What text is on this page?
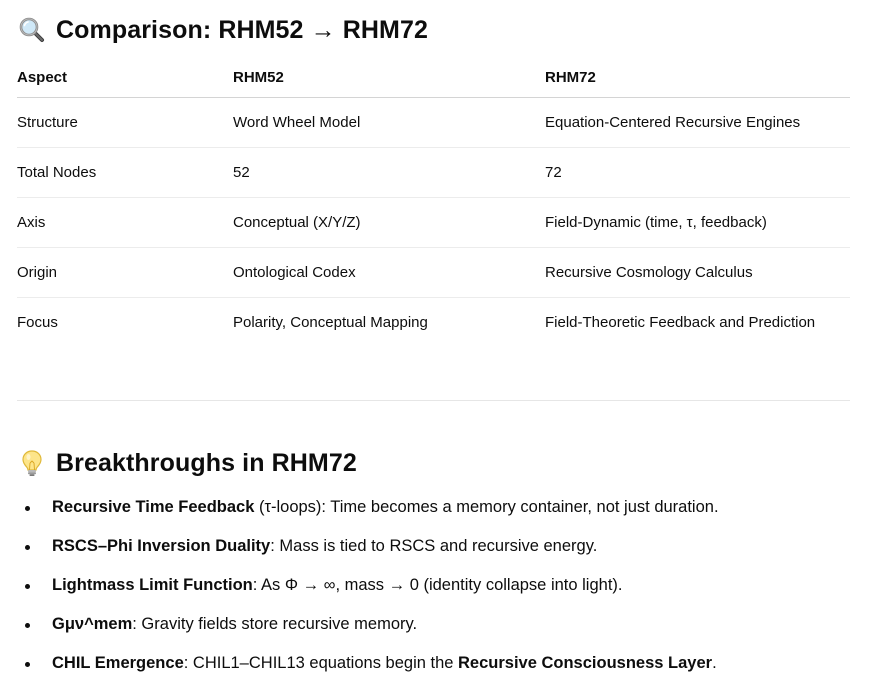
Comparison: RHM52 → RHM72
Aspect	RHM52	RHM72
Structure	Word Wheel Model	Equation-Centered Recursive Engines
Total Nodes	52	72
Axis	Conceptual (X/Y/Z)	Field-Dynamic (time, τ, feedback)
Origin	Ontological Codex	Recursive Cosmology Calculus
Focus	Polarity, Conceptual Mapping	Field-Theoretic Feedback and Prediction
Breakthroughs in RHM72
Recursive Time Feedback (τ-loops): Time becomes a memory container, not just duration.
RSCS–Phi Inversion Duality: Mass is tied to RSCS and recursive energy.
Lightmass Limit Function: As Φ → ∞, mass → 0 (identity collapse into light).
Gμν^mem: Gravity fields store recursive memory.
CHIL Emergence: CHIL1–CHIL13 equations begin the Recursive Consciousness Layer.
